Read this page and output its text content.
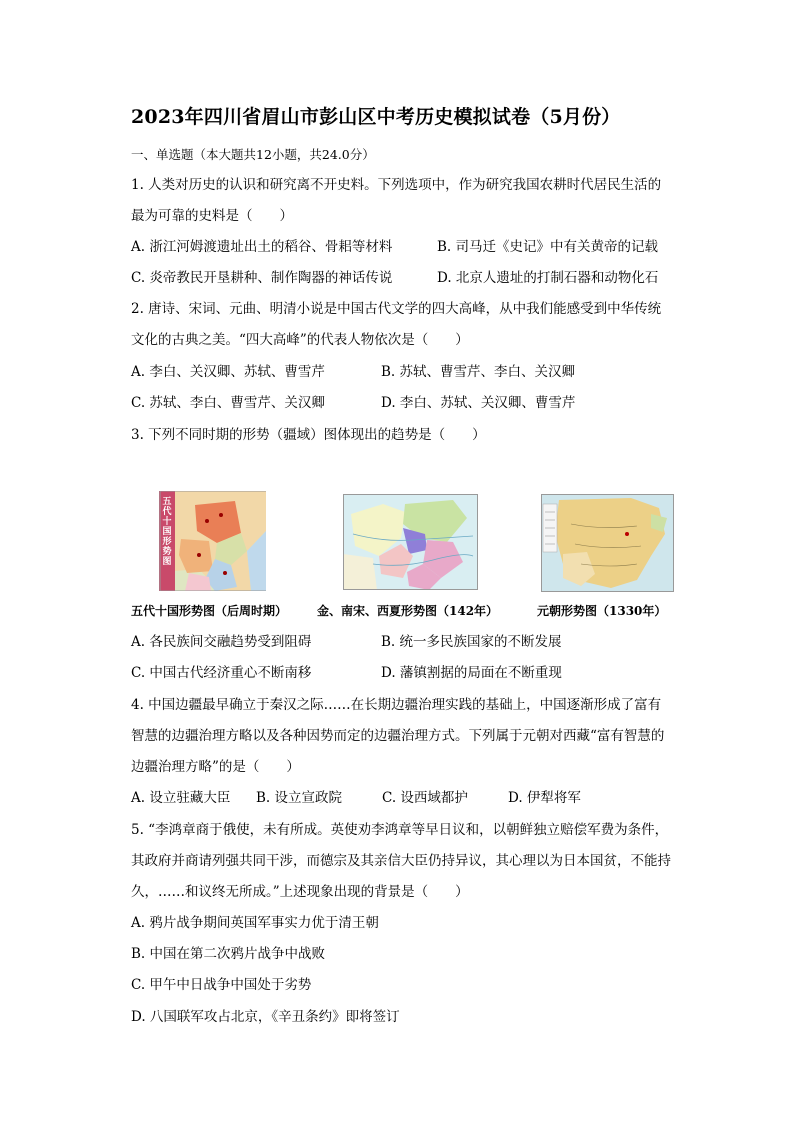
2023年四川省眉山市彭山区中考历史模拟试卷（5月份）
一、单选题（本大题共12小题，共24.0分）
1. 人类对历史的认识和研究离不开史料。下列选项中，作为研究我国农耕时代居民生活的
最为可靠的史料是（　　）
A. 浙江河姆渡遗址出土的稻谷、骨耜等材料	B. 司马迁《史记》中有关黄帝的记载
C. 炎帝教民开垦耕种、制作陶器的神话传说	D. 北京人遗址的打制石器和动物化石
2. 唐诗、宋词、元曲、明清小说是中国古代文学的四大高峰，从中我们能感受到中华传统
文化的古典之美。“四大高峰”的代表人物依次是（　　）
A. 李白、关汉卿、苏轼、曹雪芹	B. 苏轼、曹雪芹、李白、关汉卿
C. 苏轼、李白、曹雪芹、关汉卿	D. 李白、苏轼、关汉卿、曹雪芹
3. 下列不同时期的形势（疆域）图体现出的趋势是（　　）
五代十国形势图
五代十国形势图（后周时期） 金、南宋、西夏形势图（142年）	元朝形势图（1330年）
A. 各民族间交融趋势受到阻碍	B. 统一多民族国家的不断发展
C. 中国古代经济重心不断南移	D. 藩镇割据的局面在不断重现
4. 中国边疆最早确立于秦汉之际……在长期边疆治理实践的基础上，中国逐渐形成了富有
智慧的边疆治理方略以及各种因势而定的边疆治理方式。下列属于元朝对西藏“富有智慧的
边疆治理方略”的是（　　）
A. 设立驻藏大臣 B. 设立宣政院	C. 设西域都护	D. 伊犁将军
5. “李鸿章商于俄使，未有所成。英使劝李鸿章等早日议和，以朝鲜独立赔偿军费为条件，
其政府并商请列强共同干涉，而德宗及其亲信大臣仍持异议，其心理以为日本国贫，不能持
久，……和议终无所成。”上述现象出现的背景是（　　）
A. 鸦片战争期间英国军事实力优于清王朝
B. 中国在第二次鸦片战争中战败
C. 甲午中日战争中国处于劣势
D. 八国联军攻占北京，《辛丑条约》即将签订
